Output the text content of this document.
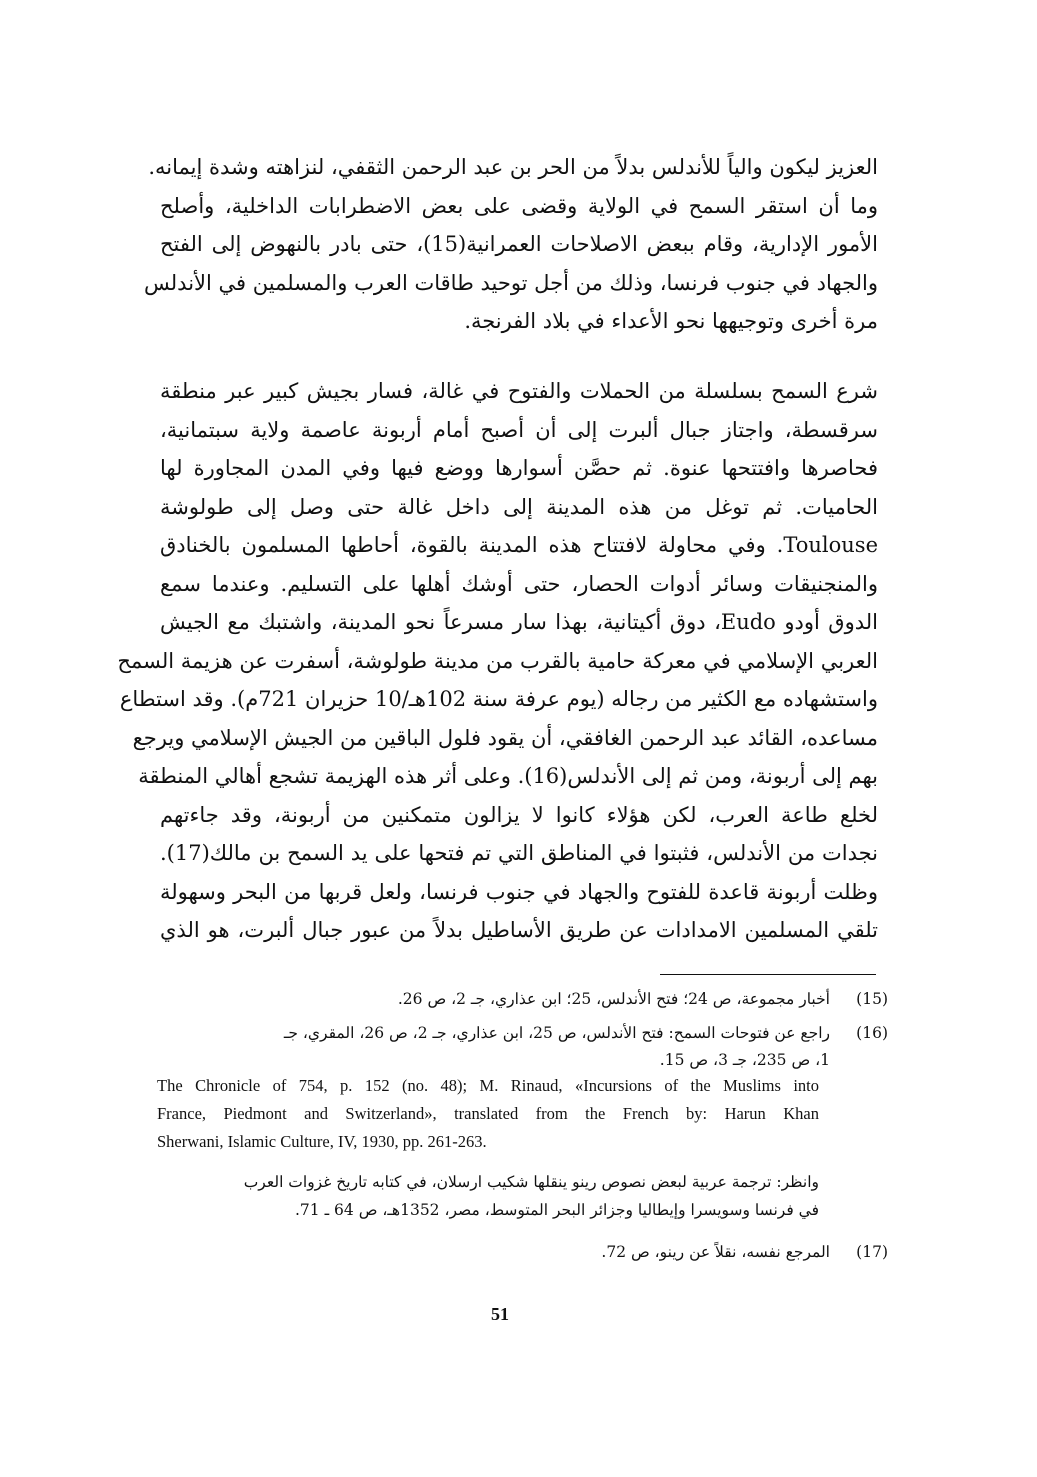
العزيز ليكون والياً للأندلس بدلاً من الحر بن عبد الرحمن الثقفي، لنزاهته وشدة إيمانه.
وما أن استقر السمح في الولاية وقضى على بعض الاضطرابات الداخلية، وأصلح
الأمور الإدارية، وقام ببعض الاصلاحات العمرانية(15)، حتى بادر بالنهوض إلى الفتح
والجهاد في جنوب فرنسا، وذلك من أجل توحيد طاقات العرب والمسلمين في الأندلس
مرة أخرى وتوجيهها نحو الأعداء في بلاد الفرنجة.
شرع السمح بسلسلة من الحملات والفتوح في غالة، فسار بجيش كبير عبر منطقة
سرقسطة، واجتاز جبال ألبرت إلى أن أصبح أمام أربونة عاصمة ولاية سبتمانية،
فحاصرها وافتتحها عنوة. ثم حصَّن أسوارها ووضع فيها وفي المدن المجاورة لها
الحاميات. ثم توغل من هذه المدينة إلى داخل غالة حتى وصل إلى طولوشة
Toulouse. وفي محاولة لافتتاح هذه المدينة بالقوة، أحاطها المسلمون بالخنادق
والمنجنيقات وسائر أدوات الحصار، حتى أوشك أهلها على التسليم. وعندما سمع
الدوق أودو Eudo، دوق أكيتانية، بهذا سار مسرعاً نحو المدينة، واشتبك مع الجيش
العربي الإسلامي في معركة حامية بالقرب من مدينة طولوشة، أسفرت عن هزيمة السمح
واستشهاده مع الكثير من رجاله (يوم عرفة سنة 102هـ/10 حزيران 721م). وقد استطاع
مساعده، القائد عبد الرحمن الغافقي، أن يقود فلول الباقين من الجيش الإسلامي ويرجع
بهم إلى أربونة، ومن ثم إلى الأندلس(16). وعلى أثر هذه الهزيمة تشجع أهالي المنطقة
لخلع طاعة العرب، لكن هؤلاء كانوا لا يزالون متمكنين من أربونة، وقد جاءتهم
نجدات من الأندلس، فثبتوا في المناطق التي تم فتحها على يد السمح بن مالك(17).
وظلت أربونة قاعدة للفتوح والجهاد في جنوب فرنسا، ولعل قربها من البحر وسهولة
تلقي المسلمين الامدادات عن طريق الأساطيل بدلاً من عبور جبال ألبرت، هو الذي
(15)
أخبار مجموعة، ص 24؛ فتح الأندلس، 25؛ ابن عذاري، جـ 2، ص 26.
(16)
راجع عن فتوحات السمح: فتح الأندلس، ص 25، ابن عذاري، جـ 2، ص 26، المقري، جـ
1، ص 235، جـ 3، ص 15.
The Chronicle of 754, p. 152 (no. 48); M. Rinaud, «Incursions of the Muslims into
France, Piedmont and Switzerland», translated from the French by: Harun Khan
Sherwani, Islamic Culture, IV, 1930, pp. 261-263.
وانظر: ترجمة عربية لبعض نصوص رينو ينقلها شكيب ارسلان، في كتابه تاريخ غزوات العرب
في فرنسا وسويسرا وإيطاليا وجزائر البحر المتوسط، مصر، 1352هـ، ص 64 ـ 71.
(17)
المرجع نفسه، نقلاً عن رينو، ص 72.
51
